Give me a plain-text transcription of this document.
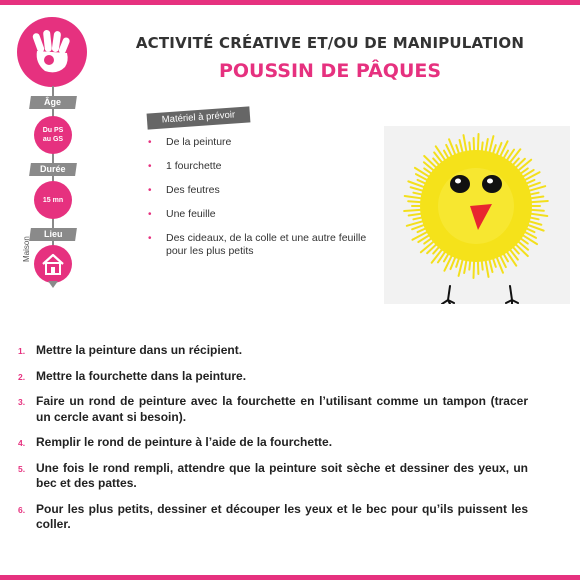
Âge
Du PS au GS
Durée
15 mn
Lieu
Maison
ACTIVITÉ CRÉATIVE ET/OU DE MANIPULATION
POUSSIN DE PÂQUES
Matériel à prévoir
• De la peinture
• 1 fourchette
• Des feutres
• Une feuille
• Des cideaux, de la colle et une autre feuille pour les plus petits
1. Mettre la peinture dans un récipient.
2. Mettre la fourchette dans la peinture.
3. Faire un rond de peinture avec la fourchette en l’utilisant comme un tampon (tracer un cercle avant si besoin).
4. Remplir le rond de peinture à l’aide de la fourchette.
5. Une fois le rond rempli, attendre que la peinture soit sèche et dessiner des yeux, un bec et des pattes.
6. Pour les plus petits, dessiner et découper les yeux et le bec pour qu’ils puissent les coller.
